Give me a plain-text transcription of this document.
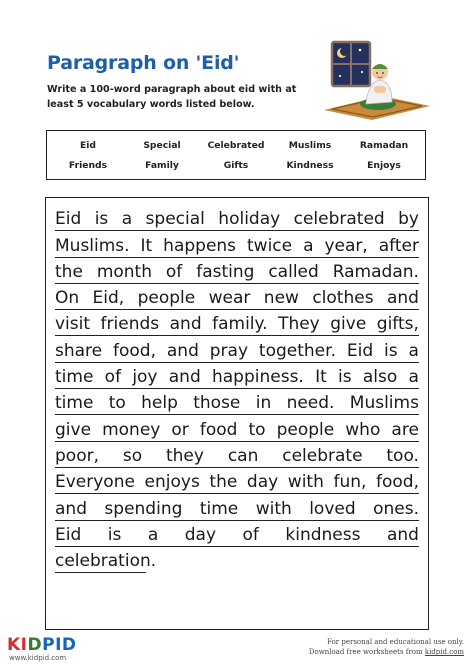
Paragraph on 'Eid'
Write a 100-word paragraph about eid with at least 5 vocabulary words listed below.
Eid	Special	Celebrated	Muslims	Ramadan
Friends	Family	Gifts	Kindness	Enjoys
Eid is a special holiday celebrated by
Muslims. It happens twice a year, after
the month of fasting called Ramadan.
On Eid, people wear new clothes and
visit friends and family. They give gifts,
share food, and pray together. Eid is a
time of joy and happiness. It is also a
time to help those in need. Muslims
give money or food to people who are
poor, so they can celebrate too.
Everyone enjoys the day with fun, food,
and spending time with loved ones.
Eid is a day of kindness and
celebration.
KIDPID
www.kidpid.com
For personal and educational use only.
Download free worksheets from kidpid.com
